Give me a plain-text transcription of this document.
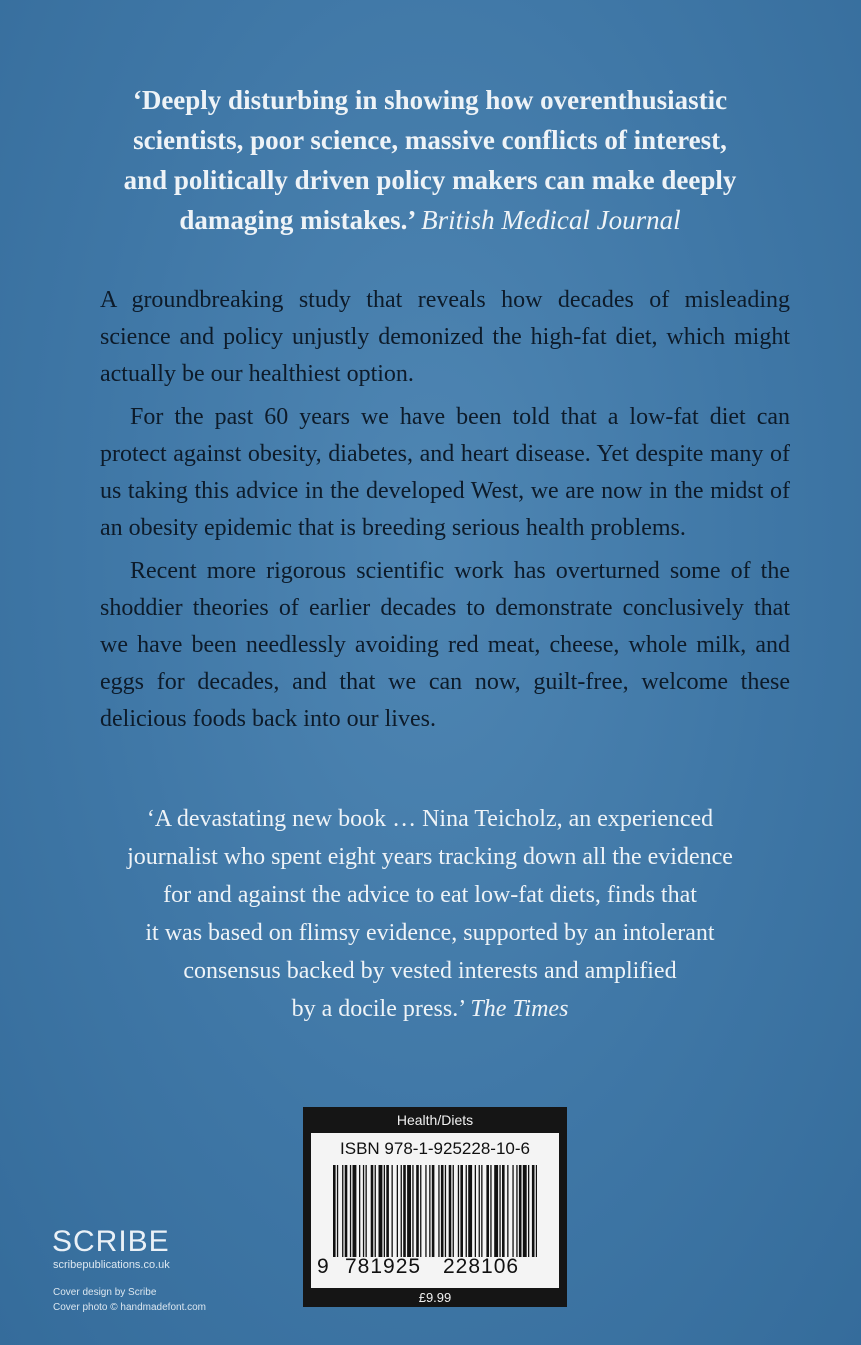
‘Deeply disturbing in showing how overenthusiastic
scientists, poor science, massive conflicts of interest,
and politically driven policy makers can make deeply
damaging mistakes.’ British Medical Journal

A groundbreaking study that reveals how decades of misleading science and policy unjustly demonized the high-fat diet, which might actually be our healthiest option.

For the past 60 years we have been told that a low-fat diet can protect against obesity, diabetes, and heart disease. Yet despite many of us taking this advice in the developed West, we are now in the midst of an obesity epidemic that is breeding serious health problems.

Recent more rigorous scientific work has overturned some of the shoddier theories of earlier decades to demonstrate conclusively that we have been needlessly avoiding red meat, cheese, whole milk, and eggs for decades, and that we can now, guilt-free, welcome these delicious foods back into our lives.

‘A devastating new book … Nina Teicholz, an experienced
journalist who spent eight years tracking down all the evidence
for and against the advice to eat low-fat diets, finds that
it was based on flimsy evidence, supported by an intolerant
consensus backed by vested interests and amplified
by a docile press.’ The Times
Health/Diets
ISBN 978-1-925228-10-6
9 781925 228106
£9.99
SCRIBE
scribepublications.co.uk
Cover design by Scribe
Cover photo © handmadefont.com
